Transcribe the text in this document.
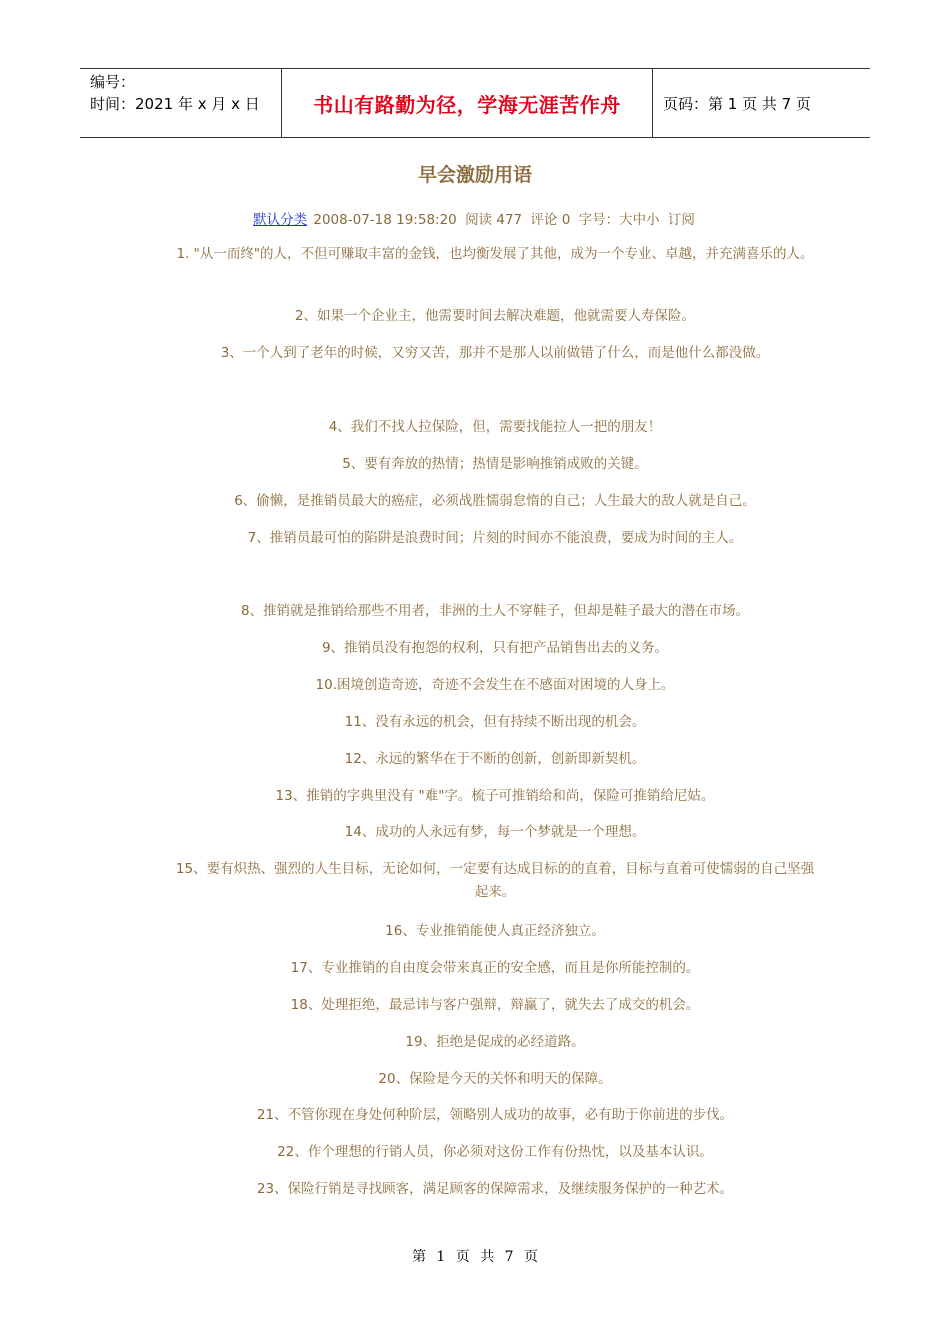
编号：
时间：2021 年 x 月 x 日	书山有路勤为径，学海无涯苦作舟	页码：第 1 页 共 7 页
早会激励用语
默认分类 2008-07-18 19:58:20 阅读 477 评论 0 字号：大中小 订阅
1. "从一而终"的人，不但可赚取丰富的金钱，也均衡发展了其他，成为一个专业、卓越，并充满喜乐的人。
2、如果一个企业主，他需要时间去解决难题，他就需要人寿保险。
3、一个人到了老年的时候，又穷又苦，那并不是那人以前做错了什么，而是他什么都没做。
4、我们不找人拉保险，但，需要找能拉人一把的朋友！
5、要有奔放的热情；热情是影响推销成败的关键。
6、偷懒，是推销员最大的癌症，必须战胜懦弱怠惰的自己；人生最大的敌人就是自己。
7、推销员最可怕的陷阱是浪费时间；片刻的时间亦不能浪费，要成为时间的主人。
8、推销就是推销给那些不用者，非洲的土人不穿鞋子，但却是鞋子最大的潜在市场。
9、推销员没有抱怨的权利，只有把产品销售出去的义务。
10.困境创造奇迹，奇迹不会发生在不感面对困境的人身上。
11、没有永远的机会，但有持续不断出现的机会。
12、永远的繁华在于不断的创新，创新即新契机。
13、推销的字典里没有 "难"字。梳子可推销给和尚，保险可推销给尼姑。
14、成功的人永远有梦，每一个梦就是一个理想。
15、要有炽热、强烈的人生目标，无论如何，一定要有达成目标的的直着，目标与直着可使懦弱的自己坚强起来。
16、专业推销能使人真正经济独立。
17、专业推销的自由度会带来真正的安全感，而且是你所能控制的。
18、处理拒绝，最忌讳与客户强辩，辩赢了，就失去了成交的机会。
19、拒绝是促成的必经道路。
20、保险是今天的关怀和明天的保障。
21、不管你现在身处何种阶层，领略别人成功的故事，必有助于你前进的步伐。
22、作个理想的行销人员，你必须对这份工作有份热忱，以及基本认识。
23、保险行销是寻找顾客，满足顾客的保障需求，及继续服务保护的一种艺术。
第 1 页 共 7 页
